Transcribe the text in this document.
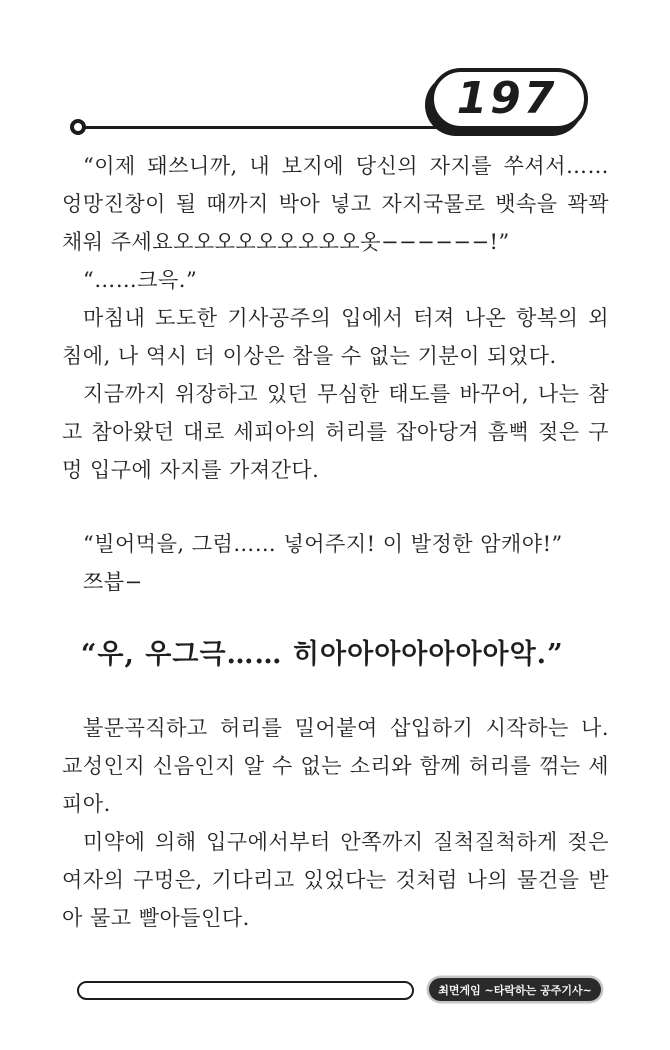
197

“이제 돼쓰니까, 내 보지에 당신의 자지를 쑤셔서…… 엉망진창이 될 때까지 박아 넣고 자지국물로 뱃속을 꽉꽉 채워 주세요오오오오오오오오오옷−−−−−−!”

“……크윽.”

마침내 도도한 기사공주의 입에서 터져 나온 항복의 외침에, 나 역시 더 이상은 참을 수 없는 기분이 되었다.

지금까지 위장하고 있던 무심한 태도를 바꾸어, 나는 참고 참아왔던 대로 세피아의 허리를 잡아당겨 흠뻑 젖은 구멍 입구에 자지를 가져간다.

“빌어먹을, 그럼…… 넣어주지! 이 발정한 암캐야!”

쯔븝−

“우, 우그극…… 히아아아아아아아악.”

불문곡직하고 허리를 밀어붙여 삽입하기 시작하는 나. 교성인지 신음인지 알 수 없는 소리와 함께 허리를 꺾는 세피아.

미약에 의해 입구에서부터 안쪽까지 질척질척하게 젖은 여자의 구멍은, 기다리고 있었다는 것처럼 나의 물건을 받아 물고 빨아들인다.

최면게임 ~타락하는 공주기사~
